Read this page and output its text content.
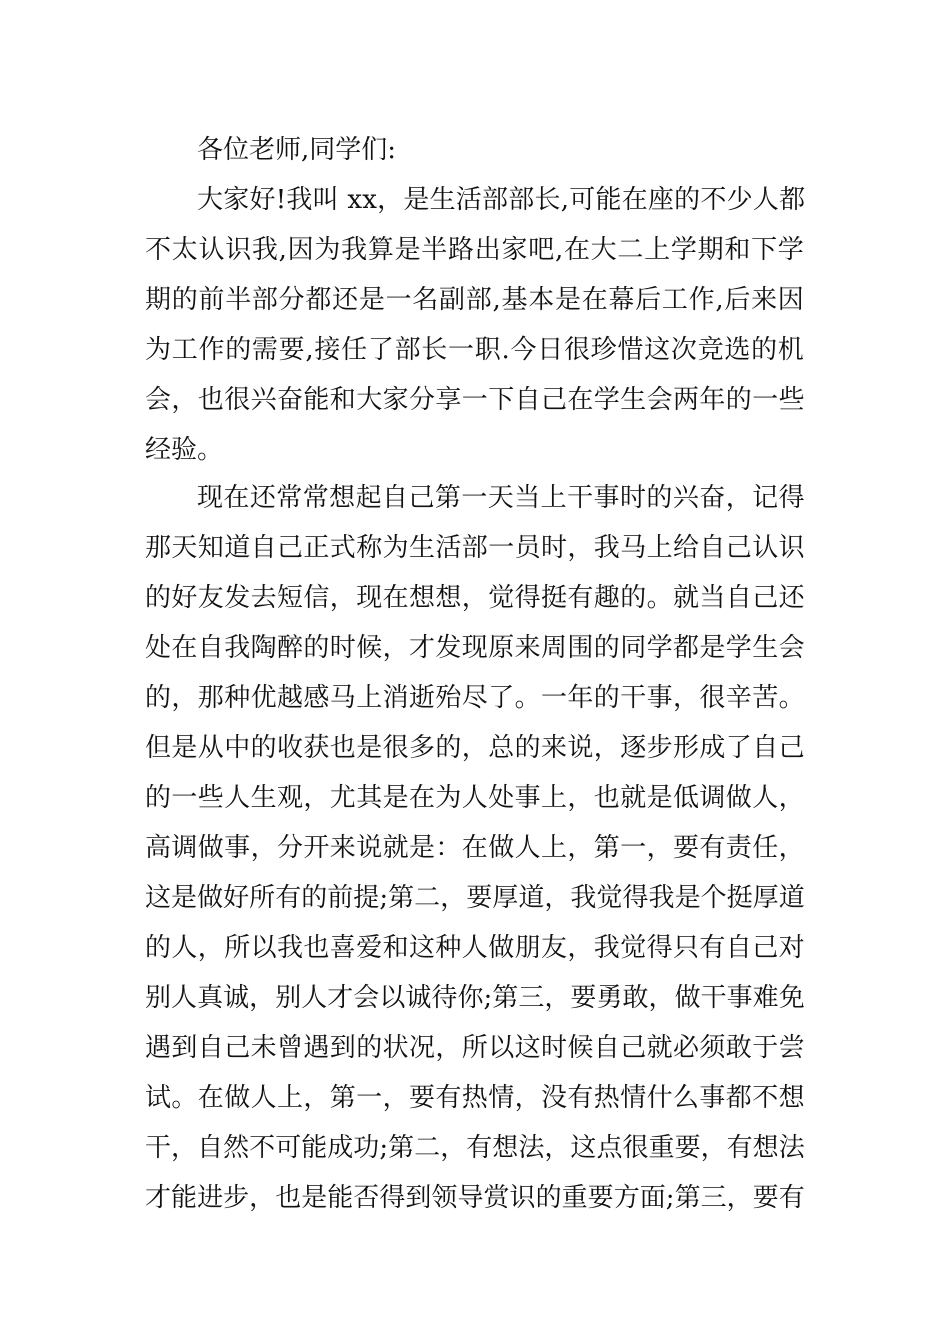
各位老师,同学们:
大家好!我叫 xx，是生活部部长,可能在座的不少人都
不太认识我,因为我算是半路出家吧,在大二上学期和下学
期的前半部分都还是一名副部,基本是在幕后工作,后来因
为工作的需要,接任了部长一职.今日很珍惜这次竞选的机
会，也很兴奋能和大家分享一下自己在学生会两年的一些
经验。
现在还常常想起自己第一天当上干事时的兴奋，记得
那天知道自己正式称为生活部一员时，我马上给自己认识
的好友发去短信，现在想想，觉得挺有趣的。就当自己还
处在自我陶醉的时候，才发现原来周围的同学都是学生会
的，那种优越感马上消逝殆尽了。一年的干事，很辛苦。
但是从中的收获也是很多的，总的来说，逐步形成了自己
的一些人生观，尤其是在为人处事上，也就是低调做人，
高调做事，分开来说就是：在做人上，第一，要有责任，
这是做好所有的前提;第二，要厚道，我觉得我是个挺厚道
的人，所以我也喜爱和这种人做朋友，我觉得只有自己对
别人真诚，别人才会以诚待你;第三，要勇敢，做干事难免
遇到自己未曾遇到的状况，所以这时候自己就必须敢于尝
试。在做人上，第一，要有热情，没有热情什么事都不想
干，自然不可能成功;第二，有想法，这点很重要，有想法
才能进步，也是能否得到领导赏识的重要方面;第三，要有
